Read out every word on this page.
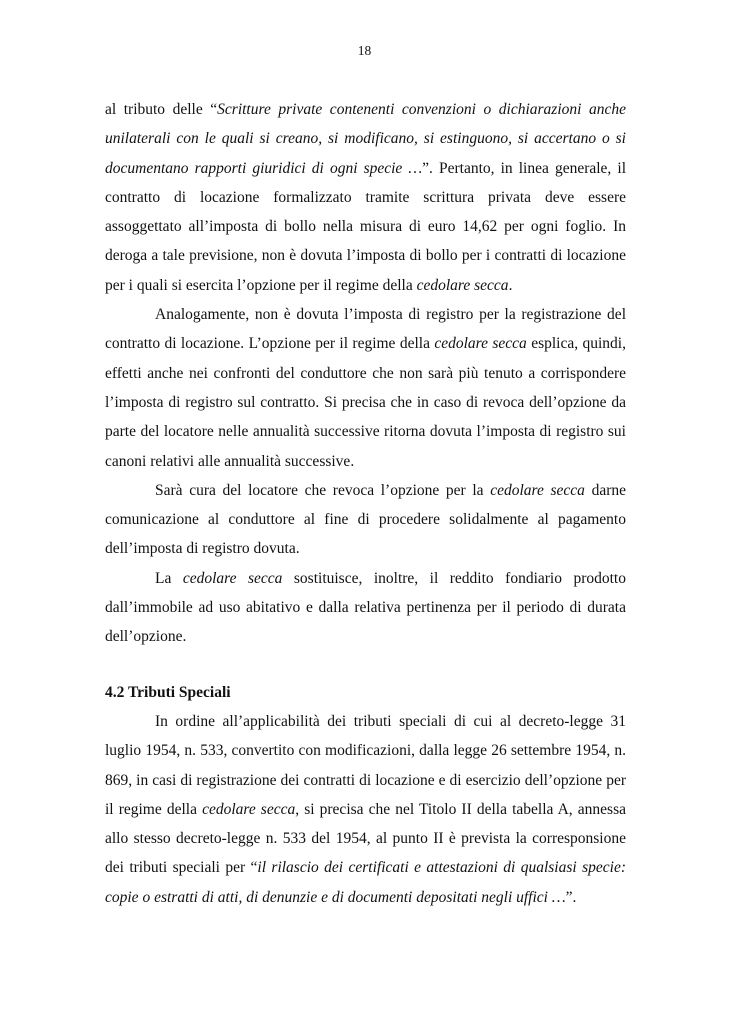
18

al tributo delle “Scritture private contenenti convenzioni o dichiarazioni anche unilaterali con le quali si creano, si modificano, si estinguono, si accertano o si documentano rapporti giuridici di ogni specie …”. Pertanto, in linea generale, il contratto di locazione formalizzato tramite scrittura privata deve essere assoggettato all’imposta di bollo nella misura di euro 14,62 per ogni foglio. In deroga a tale previsione, non è dovuta l’imposta di bollo per i contratti di locazione per i quali si esercita l’opzione per il regime della cedolare secca.

Analogamente, non è dovuta l’imposta di registro per la registrazione del contratto di locazione. L’opzione per il regime della cedolare secca esplica, quindi, effetti anche nei confronti del conduttore che non sarà più tenuto a corrispondere l’imposta di registro sul contratto. Si precisa che in caso di revoca dell’opzione da parte del locatore nelle annualità successive ritorna dovuta l’imposta di registro sui canoni relativi alle annualità successive.

Sarà cura del locatore che revoca l’opzione per la cedolare secca darne comunicazione al conduttore al fine di procedere solidalmente al pagamento dell’imposta di registro dovuta.

La cedolare secca sostituisce, inoltre, il reddito fondiario prodotto dall’immobile ad uso abitativo e dalla relativa pertinenza per il periodo di durata dell’opzione.

4.2 Tributi Speciali

In ordine all’applicabilità dei tributi speciali di cui al decreto-legge 31 luglio 1954, n. 533, convertito con modificazioni, dalla legge 26 settembre 1954, n. 869, in casi di registrazione dei contratti di locazione e di esercizio dell’opzione per il regime della cedolare secca, si precisa che nel Titolo II della tabella A, annessa allo stesso decreto-legge n. 533 del 1954, al punto II è prevista la corresponsione dei tributi speciali per “il rilascio dei certificati e attestazioni di qualsiasi specie: copie o estratti di atti, di denunzie e di documenti depositati negli uffici …”.
